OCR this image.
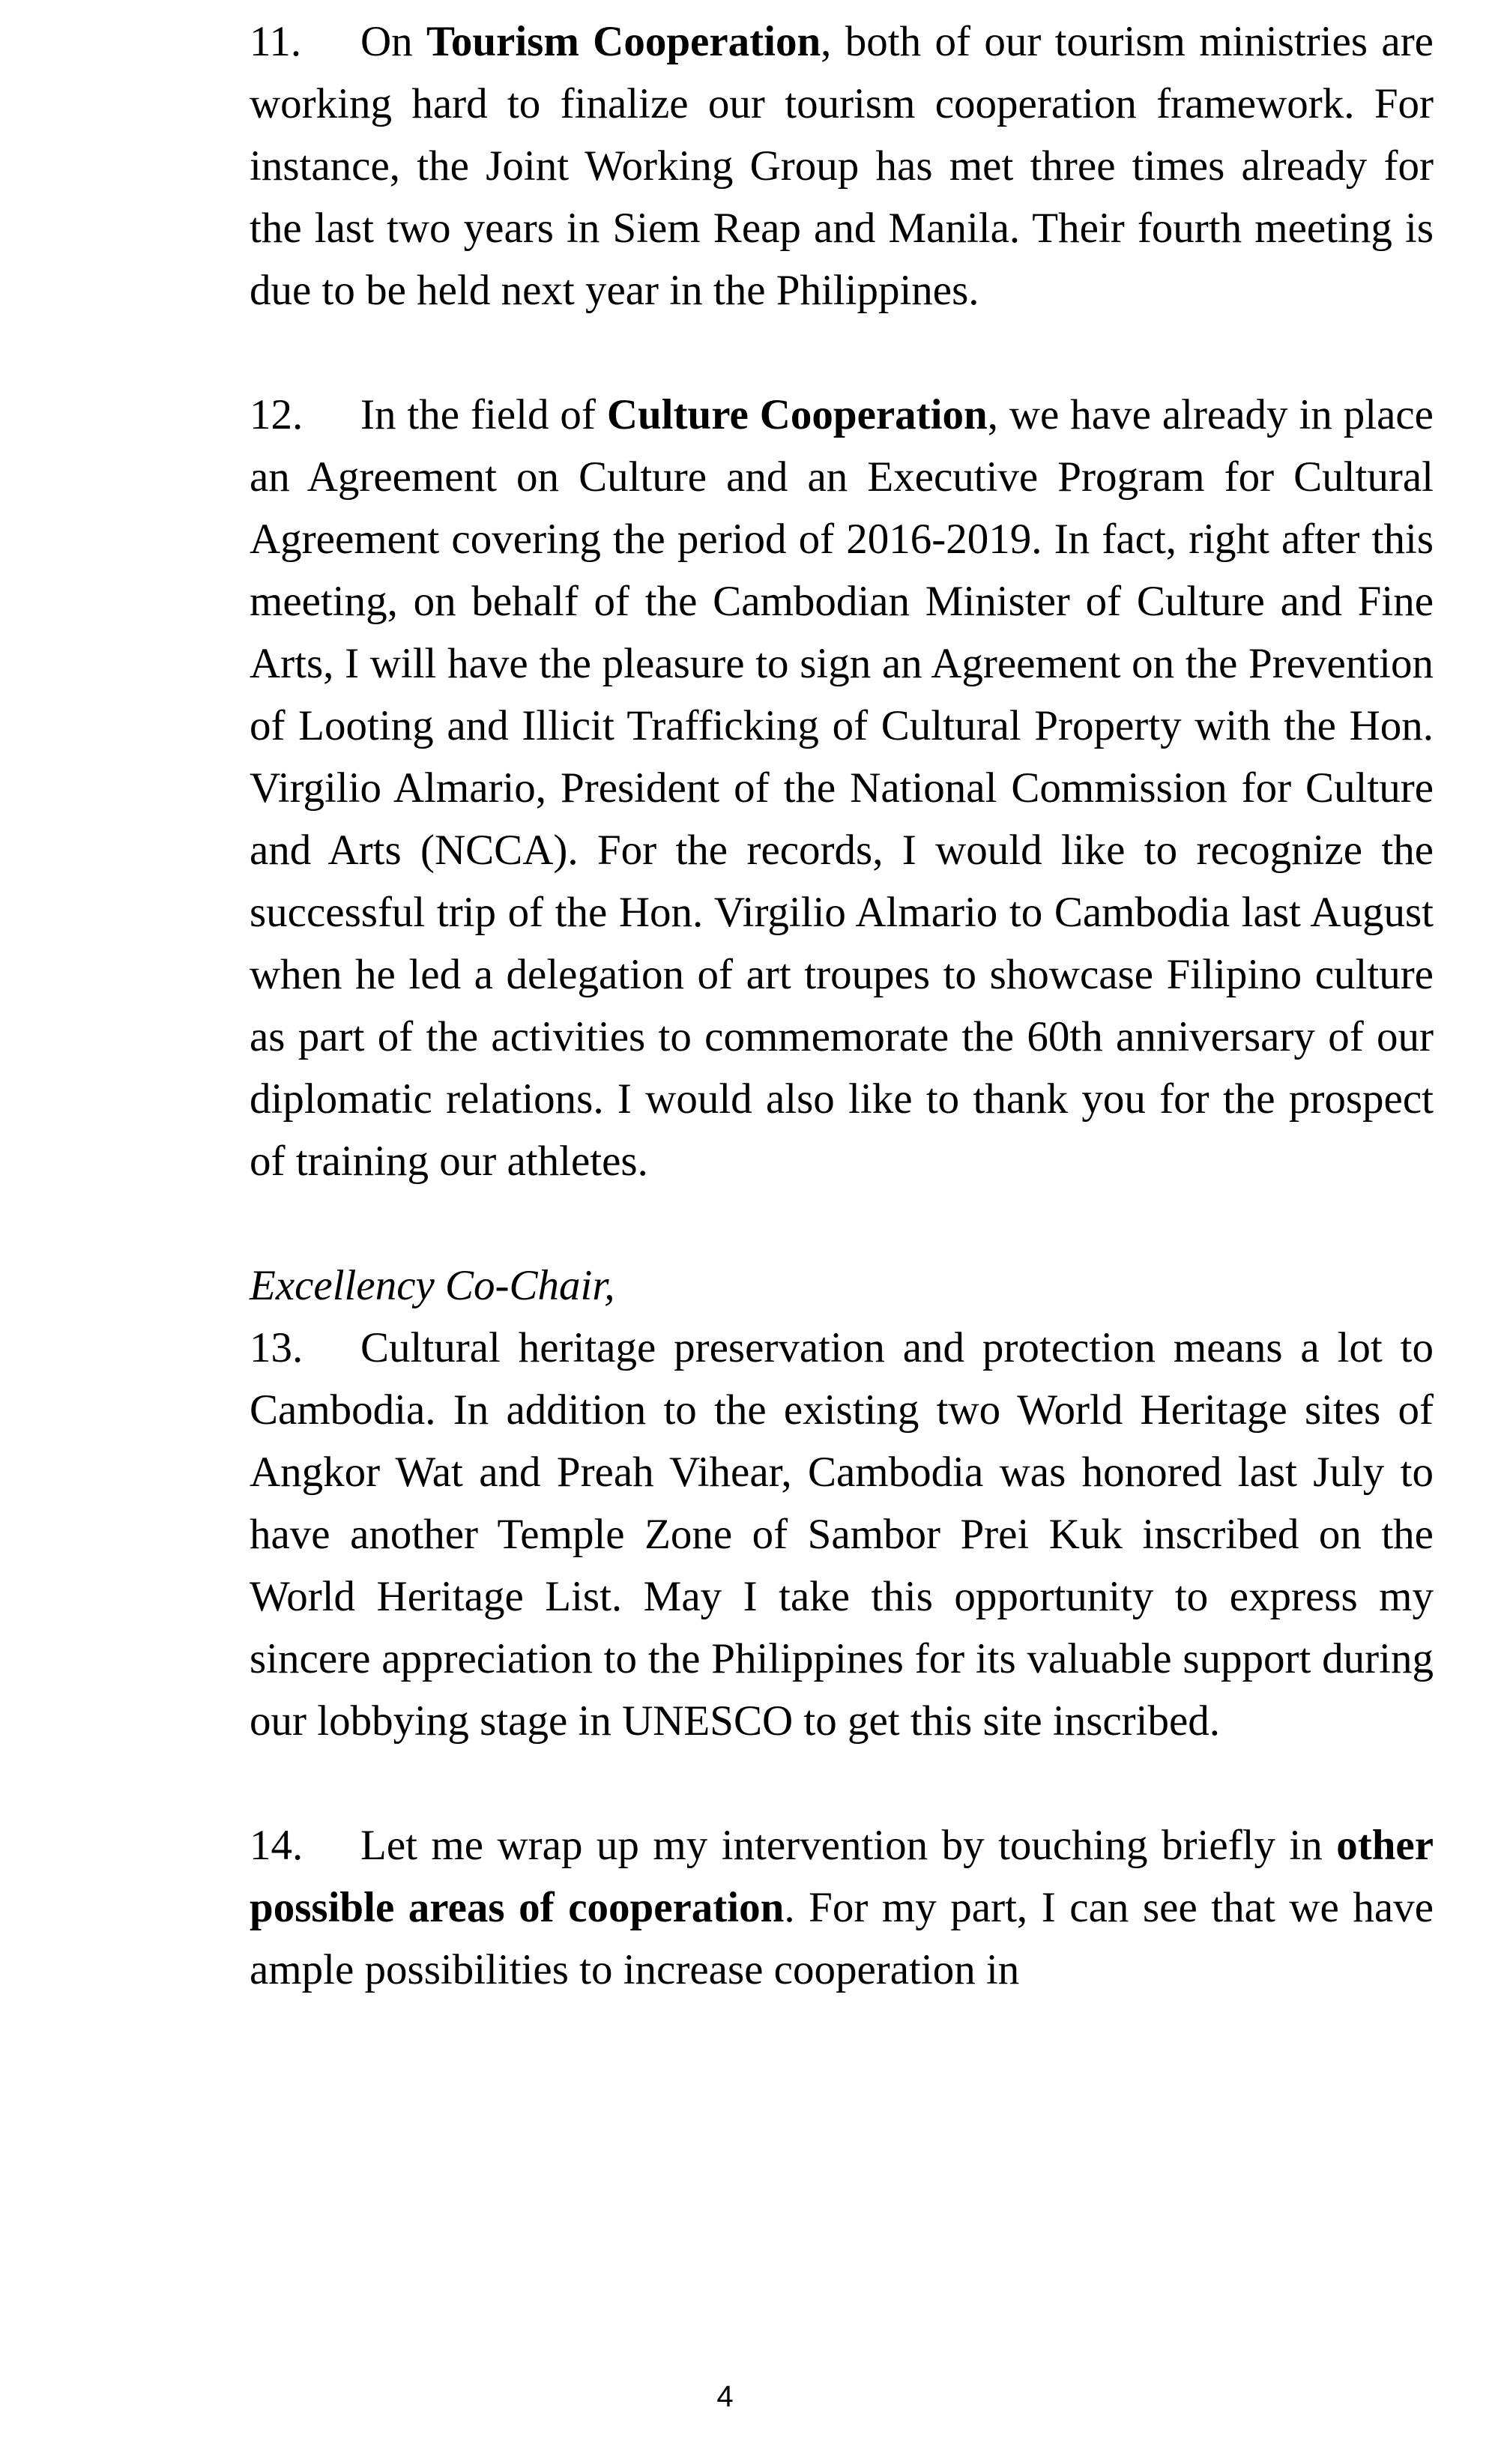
11. On Tourism Cooperation, both of our tourism ministries are working hard to finalize our tourism cooperation framework. For instance, the Joint Working Group has met three times already for the last two years in Siem Reap and Manila. Their fourth meeting is due to be held next year in the Philippines.

12. In the field of Culture Cooperation, we have already in place an Agreement on Culture and an Executive Program for Cultural Agreement covering the period of 2016-2019. In fact, right after this meeting, on behalf of the Cambodian Minister of Culture and Fine Arts, I will have the pleasure to sign an Agreement on the Prevention of Looting and Illicit Trafficking of Cultural Property with the Hon. Virgilio Almario, President of the National Commission for Culture and Arts (NCCA). For the records, I would like to recognize the successful trip of the Hon. Virgilio Almario to Cambodia last August when he led a delegation of art troupes to showcase Filipino culture as part of the activities to commemorate the 60th anniversary of our diplomatic relations. I would also like to thank you for the prospect of training our athletes.

Excellency Co-Chair,

13. Cultural heritage preservation and protection means a lot to Cambodia. In addition to the existing two World Heritage sites of Angkor Wat and Preah Vihear, Cambodia was honored last July to have another Temple Zone of Sambor Prei Kuk inscribed on the World Heritage List. May I take this opportunity to express my sincere appreciation to the Philippines for its valuable support during our lobbying stage in UNESCO to get this site inscribed.

14. Let me wrap up my intervention by touching briefly in other possible areas of cooperation. For my part, I can see that we have ample possibilities to increase cooperation in

4
